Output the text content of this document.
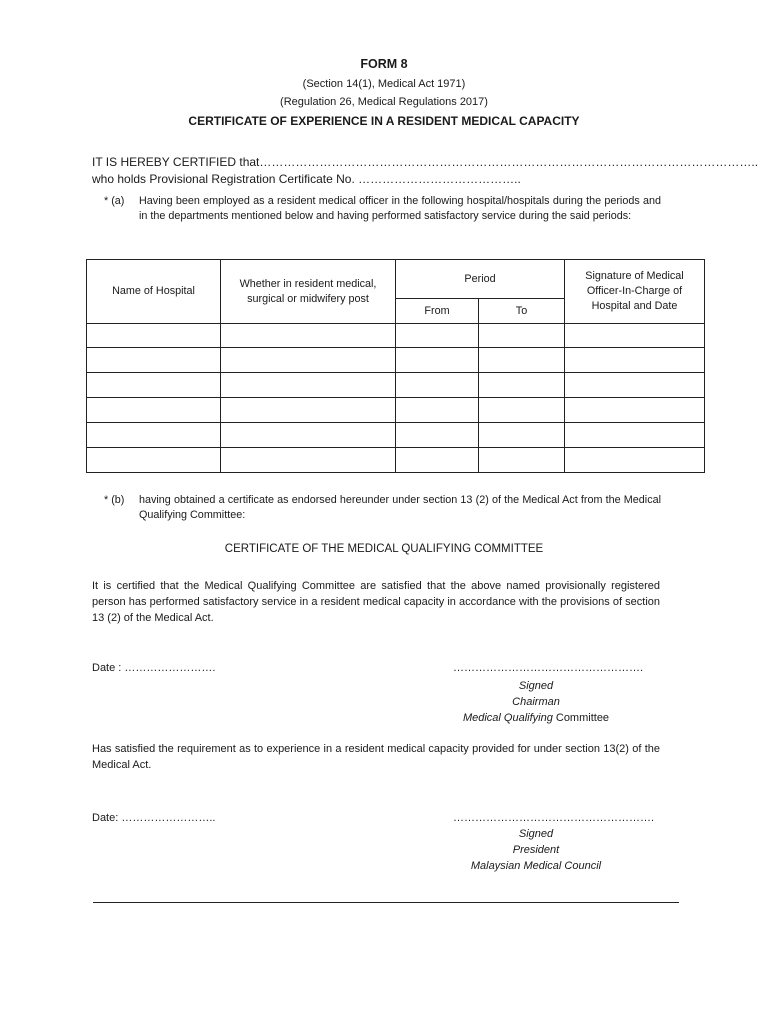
FORM 8
(Section 14(1), Medical Act 1971)
(Regulation 26, Medical Regulations 2017)
CERTIFICATE OF EXPERIENCE IN A RESIDENT MEDICAL CAPACITY
IT IS HEREBY CERTIFIED that……………………………………………………………………………………………………………..
who holds Provisional Registration Certificate No. …………………………………..
* (a)	Having been employed as a resident medical officer in the following hospital/hospitals during the periods and in the departments mentioned below and having performed satisfactory service during the said periods:
Name of Hospital	Whether in resident medical, surgical or midwifery post	Period		Signature of Medical Officer-In-Charge of Hospital and Date
		From	To	

* (b)	having obtained a certificate as endorsed hereunder under section 13 (2) of the Medical Act from the Medical Qualifying Committee:
CERTIFICATE OF THE MEDICAL QUALIFYING COMMITTEE
It is certified that the Medical Qualifying Committee are satisfied that the above named provisionally registered person has performed satisfactory service in a resident medical capacity in accordance with the provisions of section 13 (2) of the Medical Act.
Date : …………………….	…………………………………………….
Signed
Chairman
Medical Qualifying Committee
Has satisfied the requirement as to experience in a resident medical capacity provided for under section 13(2) of the Medical Act.
Date: ……………………..	……………………………………………….
Signed
President
Malaysian Medical Council
